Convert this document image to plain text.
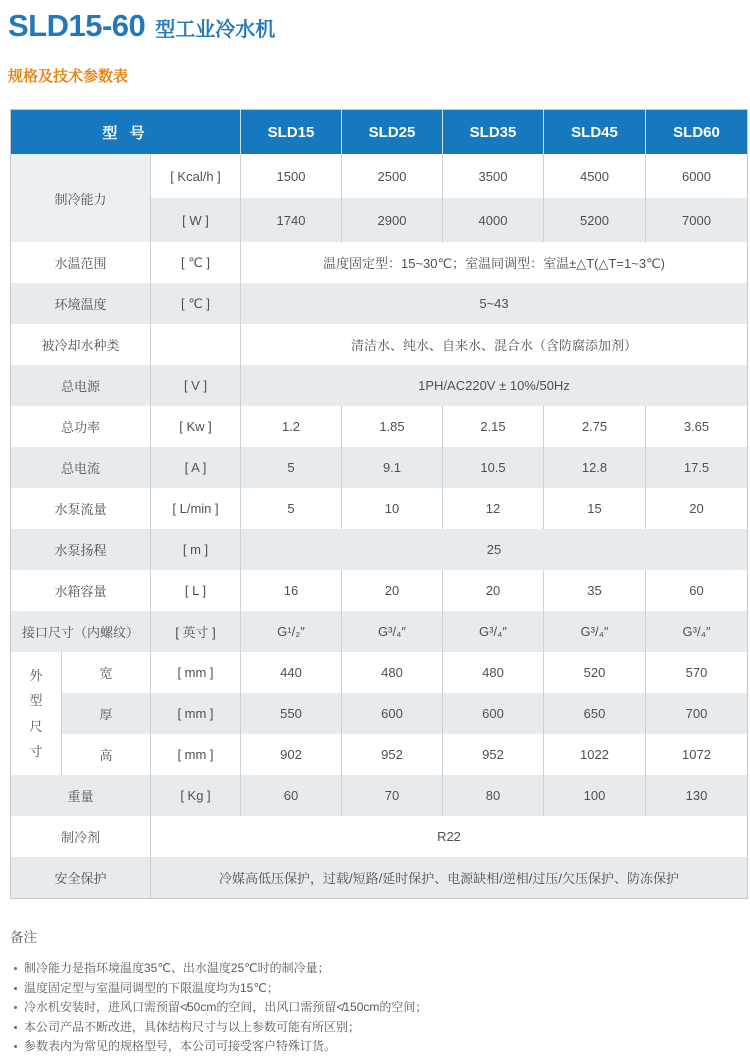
SLD15-60 型工业冷水机
规格及技术参数表
型 号			SLD15	SLD25	SLD35	SLD45	SLD60
制冷能力		[ Kcal/h ]	1500	2500	3500	4500	6000
		[ W ]	1740	2900	4000	5200	7000
水温范围		[ ℃ ]	温度固定型：15~30℃；室温同调型：室温±△T(△T=1~3℃)				
环境温度		[ ℃ ]	5~43				
被冷却水种类			清洁水、纯水、自来水、混合水（含防腐添加剂）				
总电源		[ V ]	1PH/AC220V ± 10%/50Hz				
总功率		[ Kw ]	1.2	1.85	2.15	2.75	3.65
总电流		[ A ]	5	9.1	10.5	12.8	17.5
水泵流量		[ L/min ]	5	10	12	15	20
水泵扬程		[ m ]	25				
水箱容量		[ L ]	16	20	20	35	60
接口尺寸（内螺纹）		[ 英寸 ]	G¹/₂″	G³/₄″	G³/₄″	G³/₄″	G³/₄″
外型尺寸	宽	[ mm ]	440	480	480	520	570
	厚	[ mm ]	550	600	600	650	700
	高	[ mm ]	902	952	952	1022	1072
重量		[ Kg ]	60	70	80	100	130
制冷剂		R22					
安全保护		冷媒高低压保护，过载/短路/延时保护、电源缺相/逆相/过压/欠压保护、防冻保护					
备注
制冷能力是指环境温度35℃、出水温度25℃时的制冷量；
温度固定型与室温同调型的下限温度均为15℃；
冷水机安装时，进风口需预留≮50cm的空间，出风口需预留≮150cm的空间；
本公司产品不断改进，具体结构尺寸与以上参数可能有所区别；
参数表内为常见的规格型号，本公司可接受客户特殊订货。
